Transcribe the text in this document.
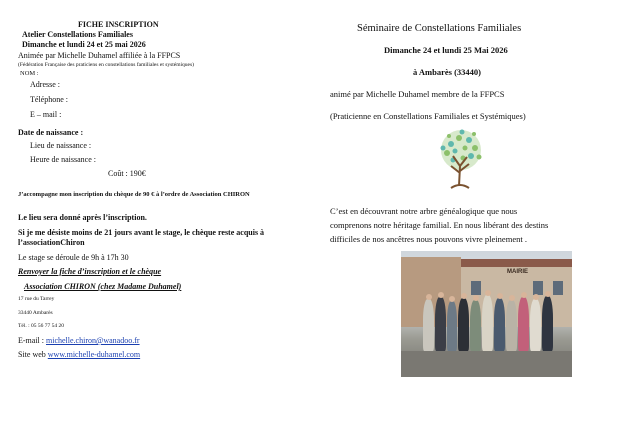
FICHE INSCRIPTION
Atelier Constellations Familiales
Dimanche et lundi 24 et 25 mai 2026
Animée par Michelle Duhamel affiliée à la FFPCS
(Fédération Française des praticiens en constellations familiales et systémiques)
NOM :
Adresse :
Téléphone :
E – mail :
Date de naissance :
Lieu de naissance :
Heure de naissance :
Coût : 190€
J’accompagne mon inscription du chèque de 90 € à l’ordre de Association CHIRON
Le lieu sera donné après l’inscription.
Si je me désiste moins de 21 jours avant le stage, le chèque reste acquis à l’associationChiron
Le stage se déroule de 9h à 17h 30
Renvoyer la fiche d’inscription et le chèque
Association CHIRON (chez Madame Duhamel)
17 rue du Tarrey
33440 Ambarès
Tél. : 05 56 77 54 20
E-mail : michelle.chiron@wanadoo.fr
Site web www.michelle-duhamel.com
Séminaire de Constellations Familiales
Dimanche 24 et lundi 25 Mai 2026
à Ambarès (33440)
animé par Michelle Duhamel membre de la FFPCS
(Praticienne en Constellations Familiales et Systémiques)
C’est en découvrant notre arbre généalogique que nous
comprenons notre héritage familial. En nous libérant des destins
difficiles de nos ancêtres nous pouvons vivre pleinement .
MAIRIE
